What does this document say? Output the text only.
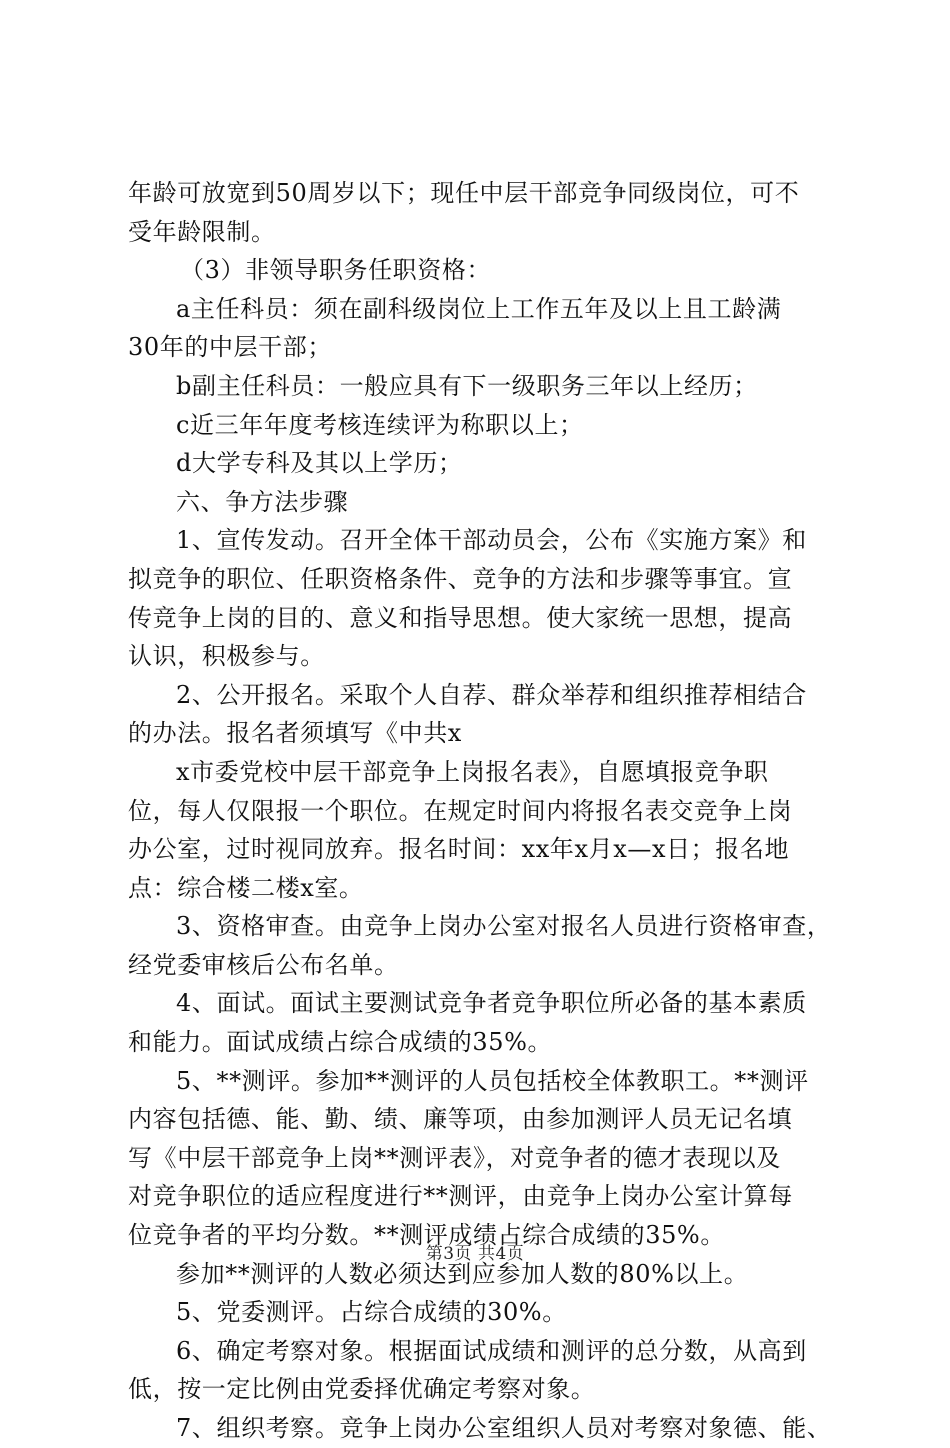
年龄可放宽到50周岁以下；现任中层干部竞争同级岗位，可不
受年龄限制。
（3）非领导职务任职资格：
a主任科员：须在副科级岗位上工作五年及以上且工龄满
30年的中层干部；
b副主任科员：一般应具有下一级职务三年以上经历；
c近三年年度考核连续评为称职以上；
d大学专科及其以上学历；
六、争方法步骤
1、宣传发动。召开全体干部动员会，公布《实施方案》和
拟竞争的职位、任职资格条件、竞争的方法和步骤等事宜。宣
传竞争上岗的目的、意义和指导思想。使大家统一思想，提高
认识，积极参与。
2、公开报名。采取个人自荐、群众举荐和组织推荐相结合
的办法。报名者须填写《中共x
x市委党校中层干部竞争上岗报名表》，自愿填报竞争职
位，每人仅限报一个职位。在规定时间内将报名表交竞争上岗
办公室，过时视同放弃。报名时间：xx年x月x—x日；报名地
点：综合楼二楼x室。
3、资格审查。由竞争上岗办公室对报名人员进行资格审查，
经党委审核后公布名单。
4、面试。面试主要测试竞争者竞争职位所必备的基本素质
和能力。面试成绩占综合成绩的35%。
5、**测评。参加**测评的人员包括校全体教职工。**测评
内容包括德、能、勤、绩、廉等项，由参加测评人员无记名填
写《中层干部竞争上岗**测评表》，对竞争者的德才表现以及
对竞争职位的适应程度进行**测评，由竞争上岗办公室计算每
位竞争者的平均分数。**测评成绩占综合成绩的35%。
参加**测评的人数必须达到应参加人数的80%以上。
5、党委测评。占综合成绩的30%。
6、确定考察对象。根据面试成绩和测评的总分数，从高到
低，按一定比例由党委择优确定考察对象。
7、组织考察。竞争上岗办公室组织人员对考察对象德、能、
第3页 共4页
